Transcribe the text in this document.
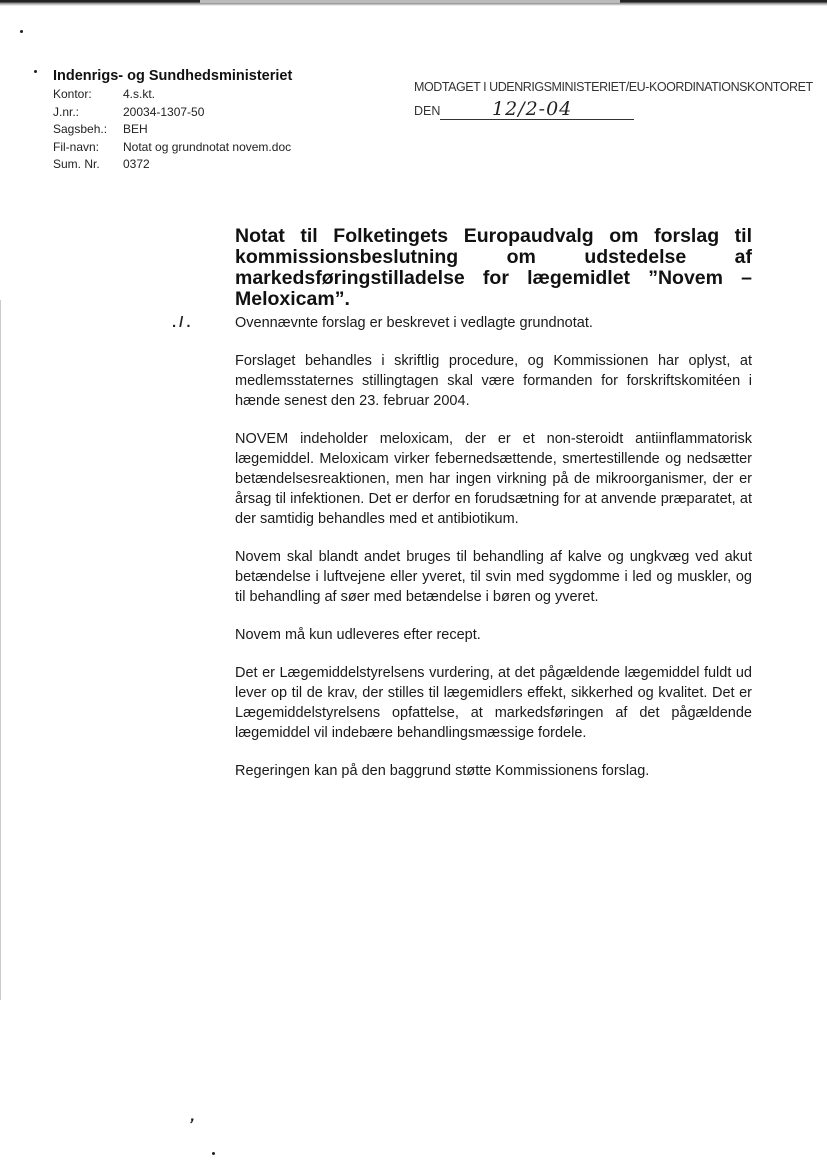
Indenrigs- og Sundhedsministeriet
Kontor:	4.s.kt.
J.nr.:	20034-1307-50
Sagsbeh.:	BEH
Fil-navn:	Notat og grundnotat novem.doc
Sum. Nr.	0372
MODTAGET I UDENRIGSMINISTERIET/EU-KOORDINATIONSKONTORET
DEN	12/2-04
Notat til Folketingets Europaudvalg om forslag til kommissionsbeslutning om udstedelse af markedsføringstilladelse for lægemidlet ”Novem – Meloxicam”.
./.	Ovennævnte forslag er beskrevet i vedlagte grundnotat.

Forslaget behandles i skriftlig procedure, og Kommissionen har oplyst, at medlemsstaternes stillingtagen skal være formanden for forskriftskomitéen i hænde senest den 23. februar 2004.

NOVEM indeholder meloxicam, der er et non-steroidt antiinflammatorisk lægemiddel. Meloxicam virker febernedsættende, smertestillende og nedsætter betændelsesreaktionen, men har ingen virkning på de mikroorganismer, der er årsag til infektionen. Det er derfor en forudsætning for at anvende præparatet, at der samtidig behandles med et antibiotikum.

Novem skal blandt andet bruges til behandling af kalve og ungkvæg ved akut betændelse i luftvejene eller yveret, til svin med sygdomme i led og muskler, og til behandling af søer med betændelse i børen og yveret.

Novem må kun udleveres efter recept.

Det er Lægemiddelstyrelsens vurdering, at det pågældende lægemiddel fuldt ud lever op til de krav, der stilles til lægemidlers effekt, sikkerhed og kvalitet. Det er Lægemiddelstyrelsens opfattelse, at markedsføringen af det pågældende lægemiddel vil indebære behandlingsmæssige fordele.

Regeringen kan på den baggrund støtte Kommissionens forslag.

,
